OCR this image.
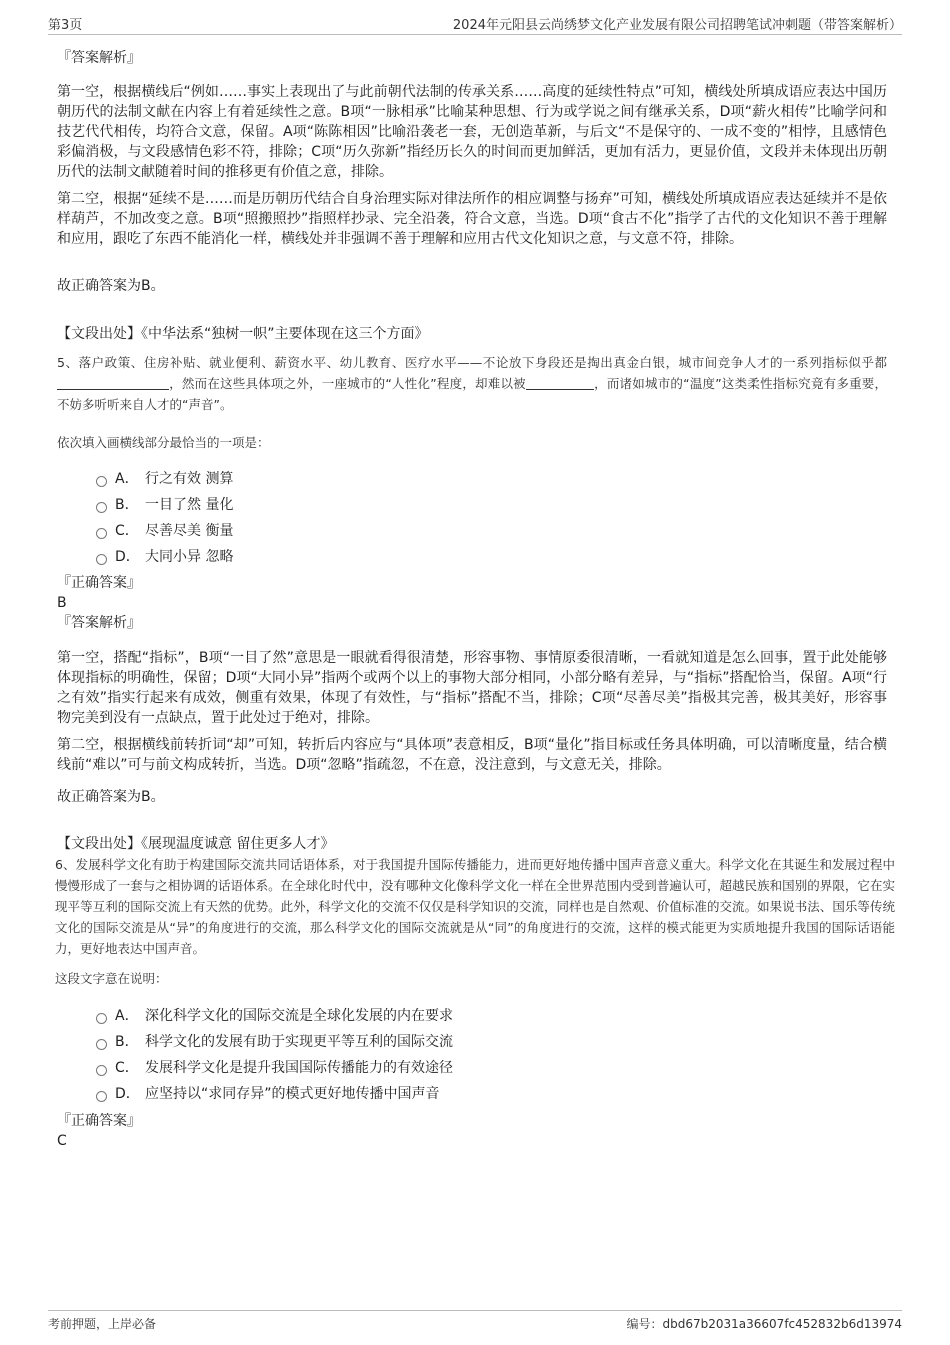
第3页	2024年元阳县云尚绣梦文化产业发展有限公司招聘笔试冲刺题（带答案解析）

『答案解析』

第一空，根据横线后“例如……事实上表现出了与此前朝代法制的传承关系……高度的延续性特点”可知，横线处所填成语应表达中国历朝历代的法制文献在内容上有着延续性之意。B项“一脉相承”比喻某种思想、行为或学说之间有继承关系，D项“薪火相传”比喻学问和技艺代代相传，均符合文意，保留。A项“陈陈相因”比喻沿袭老一套，无创造革新，与后文“不是保守的、一成不变的”相悖，且感情色彩偏消极，与文段感情色彩不符，排除；C项“历久弥新”指经历长久的时间而更加鲜活，更加有活力，更显价值，文段并未体现出历朝历代的法制文献随着时间的推移更有价值之意，排除。

第二空，根据“延续不是……而是历朝历代结合自身治理实际对律法所作的相应调整与扬弃”可知，横线处所填成语应表达延续并不是依样葫芦，不加改变之意。B项“照搬照抄”指照样抄录、完全沿袭，符合文意，当选。D项“食古不化”指学了古代的文化知识不善于理解和应用，跟吃了东西不能消化一样，横线处并非强调不善于理解和应用古代文化知识之意，与文意不符，排除。

故正确答案为B。

【文段出处】《中华法系“独树一帜”主要体现在这三个方面》

5、落户政策、住房补贴、就业便利、薪资水平、幼儿教育、医疗水平——不论放下身段还是掏出真金白银，城市间竞争人才的一系列指标似乎都，然而在这些具体项之外，一座城市的“人性化”程度，却难以被	，而诸如城市的“温度”这类柔性指标究竟有多重要，不妨多听听来自人才的“声音”。

依次填入画横线部分最恰当的一项是：

A． 行之有效 测算
B． 一目了然 量化
C． 尽善尽美 衡量
D． 大同小异 忽略
『正确答案』
B
『答案解析』

第一空，搭配“指标”，B项“一目了然”意思是一眼就看得很清楚，形容事物、事情原委很清晰，一看就知道是怎么回事，置于此处能够体现指标的明确性，保留；D项“大同小异”指两个或两个以上的事物大部分相同，小部分略有差异，与“指标”搭配恰当，保留。A项“行之有效”指实行起来有成效，侧重有效果，体现了有效性，与“指标”搭配不当，排除；C项“尽善尽美”指极其完善，极其美好，形容事物完美到没有一点缺点，置于此处过于绝对，排除。

第二空，根据横线前转折词“却”可知，转折后内容应与“具体项”表意相反，B项“量化”指目标或任务具体明确，可以清晰度量，结合横线前“难以”可与前文构成转折，当选。D项“忽略”指疏忽，不在意，没注意到，与文意无关，排除。

故正确答案为B。

【文段出处】《展现温度诚意 留住更多人才》

6、发展科学文化有助于构建国际交流共同话语体系，对于我国提升国际传播能力，进而更好地传播中国声音意义重大。科学文化在其诞生和发展过程中慢慢形成了一套与之相协调的话语体系。在全球化时代中，没有哪种文化像科学文化一样在全世界范围内受到普遍认可，超越民族和国别的界限，它在实现平等互利的国际交流上有天然的优势。此外，科学文化的交流不仅仅是科学知识的交流，同样也是自然观、价值标准的交流。如果说书法、国乐等传统文化的国际交流是从“异”的角度进行的交流，那么科学文化的国际交流就是从“同”的角度进行的交流，这样的模式能更为实质地提升我国的国际话语能力，更好地表达中国声音。

这段文字意在说明：

A． 深化科学文化的国际交流是全球化发展的内在要求
B． 科学文化的发展有助于实现更平等互利的国际交流
C． 发展科学文化是提升我国国际传播能力的有效途径
D． 应坚持以“求同存异”的模式更好地传播中国声音
『正确答案』
C
考前押题，上岸必备	编号：dbd67b2031a36607fc452832b6d13974
